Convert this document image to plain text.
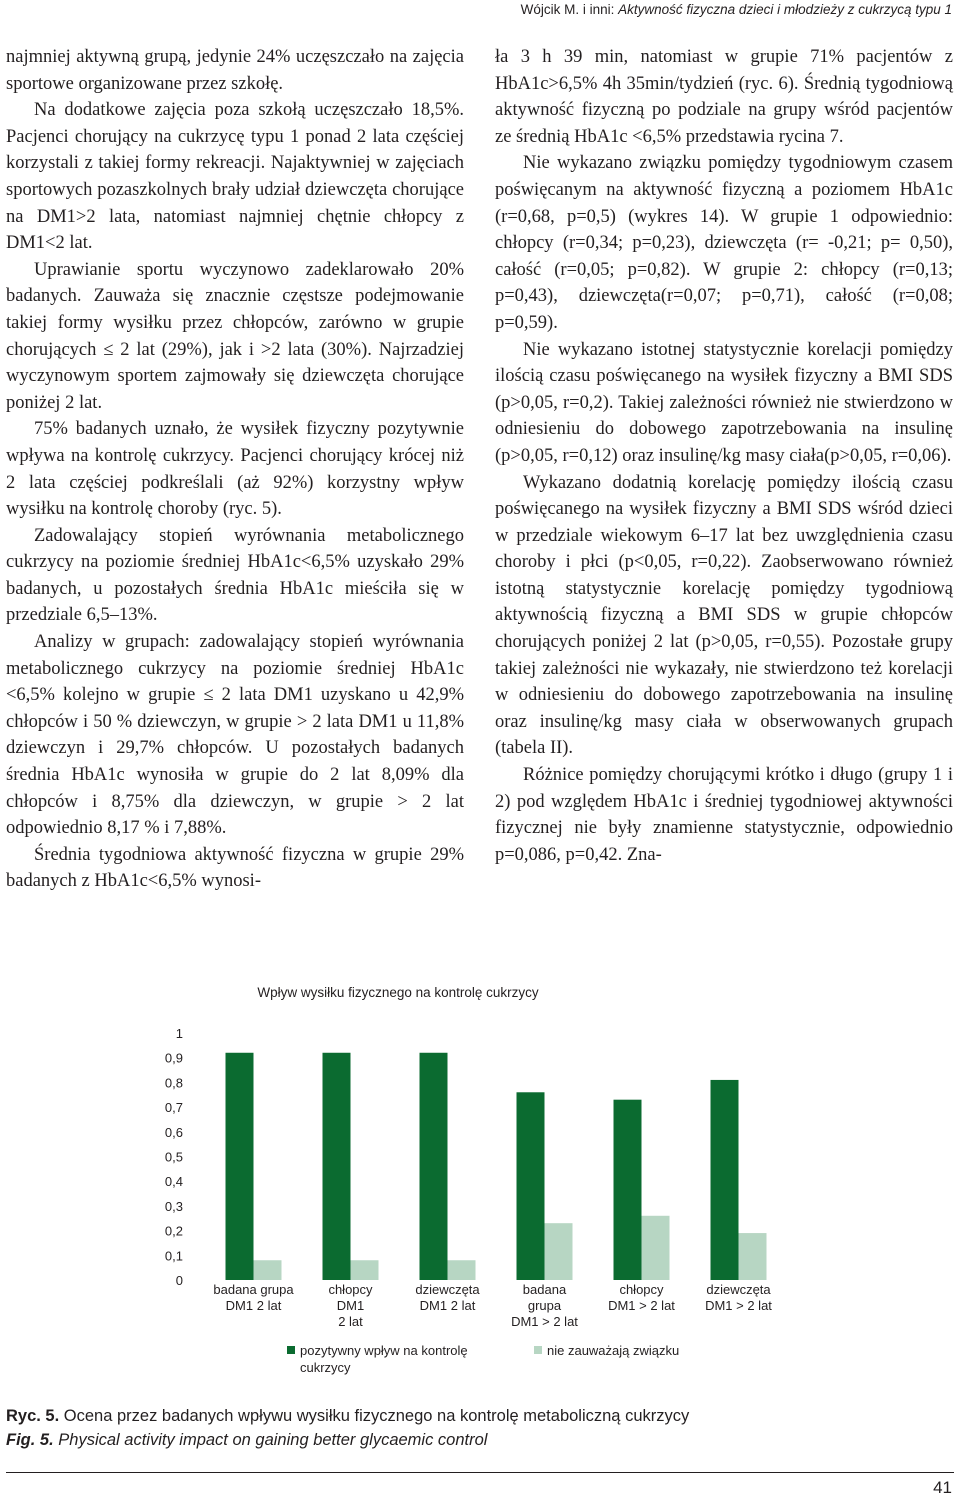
Wójcik M. i inni: Aktywność fizyczna dzieci i młodzieży z cukrzycą typu 1

najmniej aktywną grupą, jedynie 24% uczęszczało na zajęcia sportowe organizowane przez szkołę.

Na dodatkowe zajęcia poza szkołą uczęszczało 18,5%. Pacjenci chorujący na cukrzycę typu 1 ponad 2 lata częściej korzystali z takiej formy rekreacji. Najaktywniej w zajęciach sportowych pozaszkolnych brały udział dziewczęta chorujące na DM1>2 lata, natomiast najmniej chętnie chłopcy z DM1<2 lat.

Uprawianie sportu wyczynowo zadeklarowało 20% badanych. Zauważa się znacznie częstsze podejmowanie takiej formy wysiłku przez chłopców, zarówno w grupie chorujących ≤ 2 lat (29%), jak i >2 lata (30%). Najrzadziej wyczynowym sportem zajmowały się dziewczęta chorujące poniżej 2 lat.

75% badanych uznało, że wysiłek fizyczny pozytywnie wpływa na kontrolę cukrzycy. Pacjenci chorujący krócej niż 2 lata częściej podkreślali (aż 92%) korzystny wpływ wysiłku na kontrolę choroby (ryc. 5).

Zadowalający stopień wyrównania metabolicznego cukrzycy na poziomie średniej HbA1c<6,5% uzyskało 29% badanych, u pozostałych średnia HbA1c mieściła się w przedziale 6,5–13%.

Analizy w grupach: zadowalający stopień wyrównania metabolicznego cukrzycy na poziomie średniej HbA1c <6,5% kolejno w grupie ≤ 2 lata DM1 uzyskano u 42,9% chłopców i 50 % dziewczyn, w grupie > 2 lata DM1 u 11,8% dziewczyn i 29,7% chłopców. U pozostałych badanych średnia HbA1c wynosiła w grupie do 2 lat 8,09% dla chłopców i 8,75% dla dziewczyn, w grupie > 2 lat odpowiednio 8,17 % i 7,88%.

Średnia tygodniowa aktywność fizyczna w grupie 29% badanych z HbA1c<6,5% wynosi-

ła 3 h 39 min, natomiast w grupie 71% pacjentów z HbA1c>6,5% 4h 35min/tydzień (ryc. 6). Średnią tygodniową aktywność fizyczną po podziale na grupy wśród pacjentów ze średnią HbA1c <6,5% przedstawia rycina 7.

Nie wykazano związku pomiędzy tygodniowym czasem poświęcanym na aktywność fizyczną a poziomem HbA1c (r=0,68, p=0,5) (wykres 14). W grupie 1 odpowiednio: chłopcy (r=0,34; p=0,23), dziewczęta (r= -0,21; p= 0,50), całość (r=0,05; p=0,82). W grupie 2: chłopcy (r=0,13; p=0,43), dziewczęta(r=0,07; p=0,71), całość (r=0,08; p=0,59).

Nie wykazano istotnej statystycznie korelacji pomiędzy ilością czasu poświęcanego na wysiłek fizyczny a BMI SDS (p>0,05, r=0,2). Takiej zależności również nie stwierdzono w odniesieniu do dobowego zapotrzebowania na insulinę (p>0,05, r=0,12) oraz insulinę/kg masy ciała(p>0,05, r=0,06).

Wykazano dodatnią korelację pomiędzy ilością czasu poświęcanego na wysiłek fizyczny a BMI SDS wśród dzieci w przedziale wiekowym 6–17 lat bez uwzględnienia czasu choroby i płci (p<0,05, r=0,22). Zaobserwowano również istotną statystycznie korelację pomiędzy tygodniową aktywnością fizyczną a BMI SDS w grupie chłopców chorujących poniżej 2 lat (p>0,05, r=0,55). Pozostałe grupy takiej zależności nie wykazały, nie stwierdzono też korelacji w odniesieniu do dobowego zapotrzebowania na insulinę oraz insulinę/kg masy ciała w obserwowanych grupach (tabela II).

Różnice pomiędzy chorującymi krótko i długo (grupy 1 i 2) pod względem HbA1c i średniej tygodniowej aktywności fizycznej nie były znamienne statystycznie, odpowiednio p=0,086, p=0,42. Zna-

Wpływ wysiłku fizycznego na kontrolę cukrzycy
0
0,1
0,2
0,3
0,4
0,5
0,6
0,7
0,8
0,9
1
badana grupa
DM1 2 lat
chłopcy
DM1
2 lat
dziewczęta
DM1 2 lat
badana
grupa
DM1 > 2 lat
chłopcy
DM1 > 2 lat
dziewczęta
DM1 > 2 lat
pozytywny wpływ na kontrolę cukrzycy
nie zauważają związku
Ryc. 5. Ocena przez badanych wpływu wysiłku fizycznego na kontrolę metaboliczną cukrzycy
Fig. 5. Physical activity impact on gaining better glycaemic control
41
